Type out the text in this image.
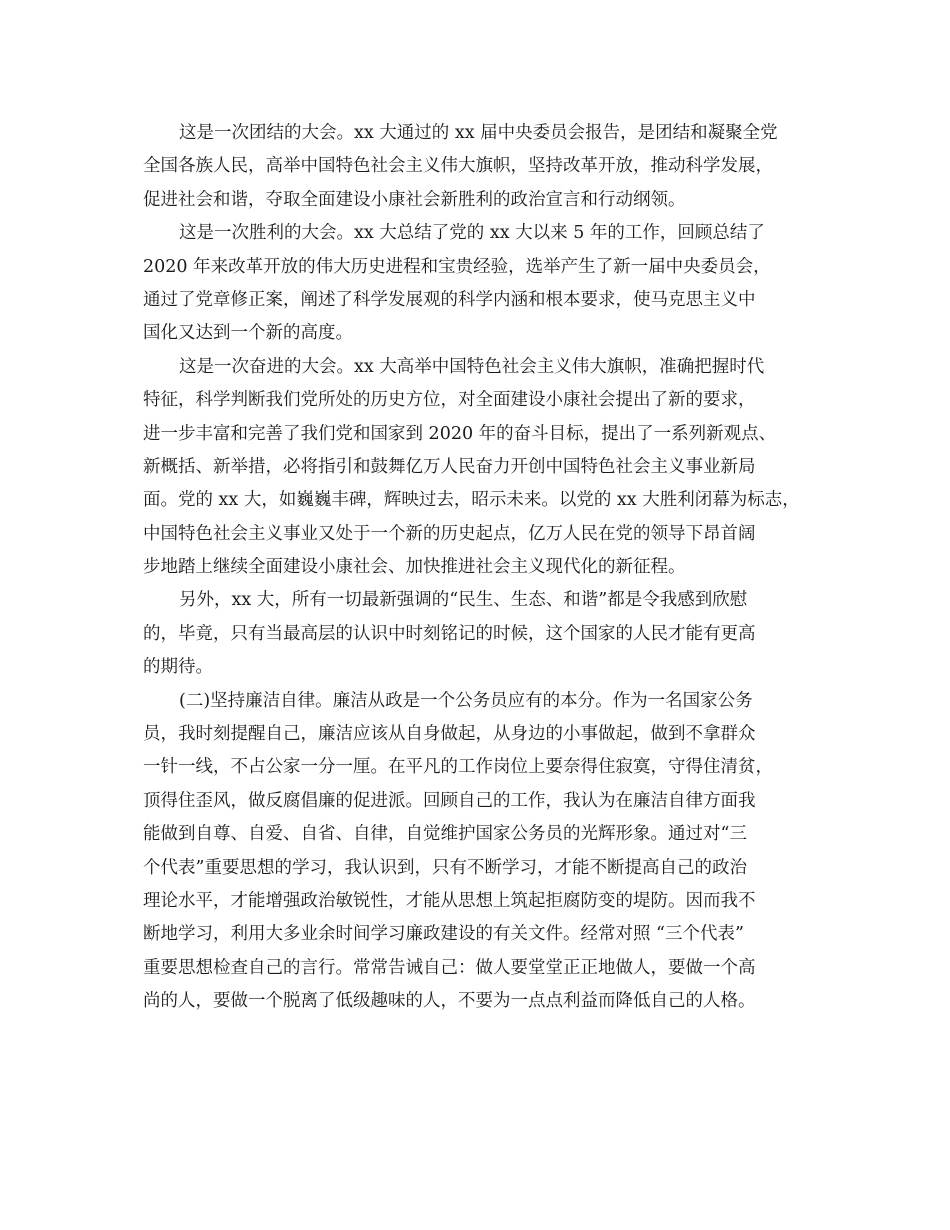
这是一次团结的大会。xx 大通过的 xx 届中央委员会报告，是团结和凝聚全党
全国各族人民，高举中国特色社会主义伟大旗帜，坚持改革开放，推动科学发展，
促进社会和谐，夺取全面建设小康社会新胜利的政治宣言和行动纲领。
这是一次胜利的大会。xx 大总结了党的 xx 大以来 5 年的工作，回顾总结了
2020 年来改革开放的伟大历史进程和宝贵经验，选举产生了新一届中央委员会，
通过了党章修正案，阐述了科学发展观的科学内涵和根本要求，使马克思主义中
国化又达到一个新的高度。
这是一次奋进的大会。xx 大高举中国特色社会主义伟大旗帜，准确把握时代
特征，科学判断我们党所处的历史方位，对全面建设小康社会提出了新的要求，
进一步丰富和完善了我们党和国家到 2020 年的奋斗目标，提出了一系列新观点、
新概括、新举措，必将指引和鼓舞亿万人民奋力开创中国特色社会主义事业新局
面。党的 xx 大，如巍巍丰碑，辉映过去，昭示未来。以党的 xx 大胜利闭幕为标志，
中国特色社会主义事业又处于一个新的历史起点，亿万人民在党的领导下昂首阔
步地踏上继续全面建设小康社会、加快推进社会主义现代化的新征程。
另外，xx 大，所有一切最新强调的“民生、生态、和谐”都是令我感到欣慰
的，毕竟，只有当最高层的认识中时刻铭记的时候，这个国家的人民才能有更高
的期待。
(二)坚持廉洁自律。廉洁从政是一个公务员应有的本分。作为一名国家公务
员，我时刻提醒自己，廉洁应该从自身做起，从身边的小事做起，做到不拿群众
一针一线，不占公家一分一厘。在平凡的工作岗位上要奈得住寂寞，守得住清贫，
顶得住歪风，做反腐倡廉的促进派。回顾自己的工作，我认为在廉洁自律方面我
能做到自尊、自爱、自省、自律，自觉维护国家公务员的光辉形象。通过对“三
个代表”重要思想的学习，我认识到，只有不断学习，才能不断提高自己的政治
理论水平，才能增强政治敏锐性，才能从思想上筑起拒腐防变的堤防。因而我不
断地学习，利用大多业余时间学习廉政建设的有关文件。经常对照 “三个代表”
重要思想检查自己的言行。常常告诫自己：做人要堂堂正正地做人，要做一个高
尚的人，要做一个脱离了低级趣味的人，不要为一点点利益而降低自己的人格。
